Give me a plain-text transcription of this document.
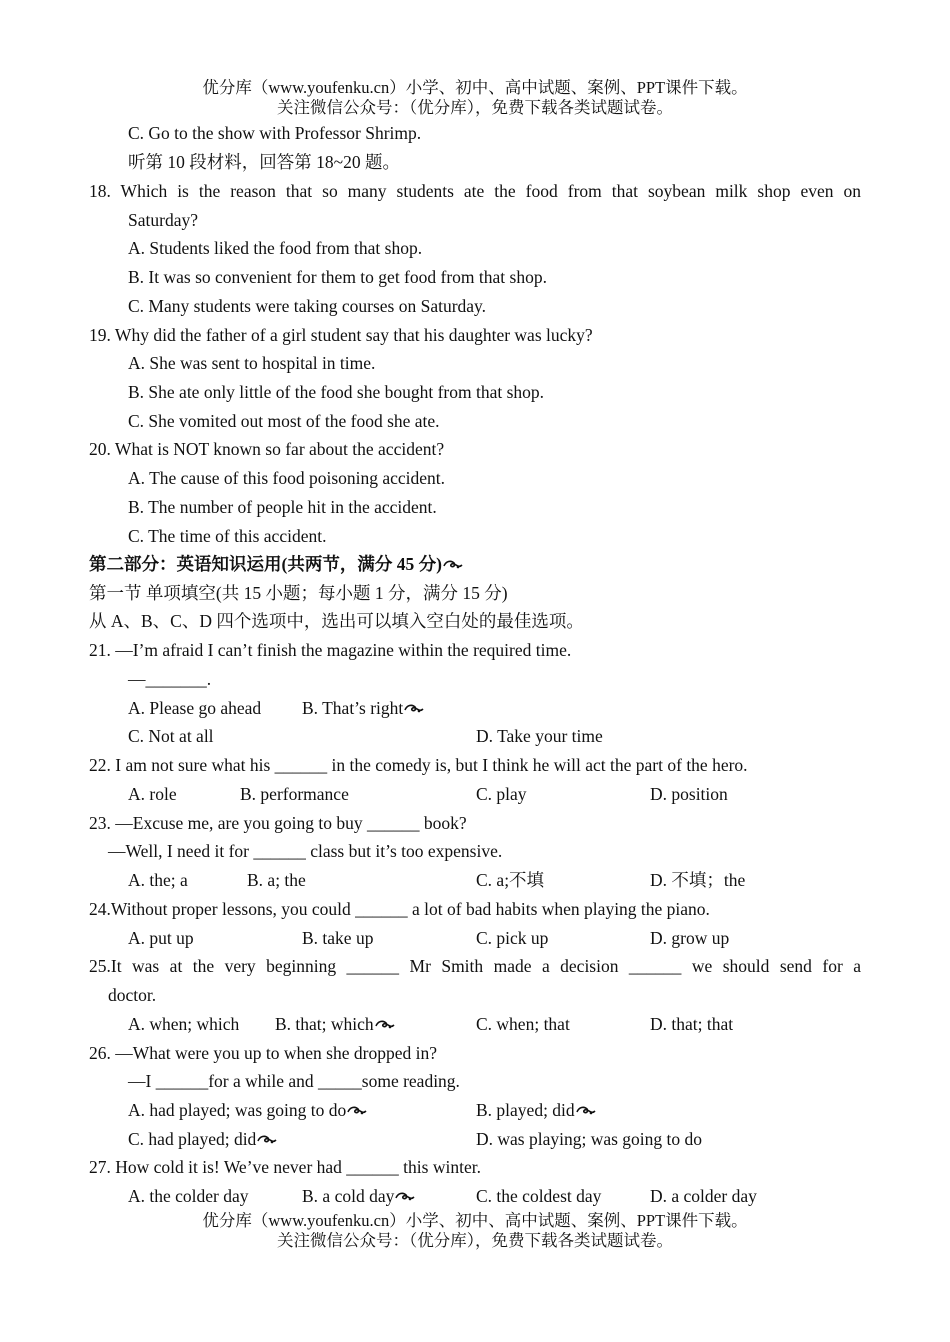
优分库（www.youfenku.cn）小学、初中、高中试题、案例、PPT课件下载。
关注微信公众号：（优分库），免费下载各类试题试卷。
C. Go to the show with Professor Shrimp.
听第 10 段材料，回答第 18~20 题。
18. Which is the reason that so many students ate the food from that soybean milk shop even on
Saturday?
A. Students liked the food from that shop.
B. It was so convenient for them to get food from that shop.
C. Many students were taking courses on Saturday.
19. Why did the father of a girl student say that his daughter was lucky?
A. She was sent to hospital in time.
B. She ate only little of the food she bought from that shop.
C. She vomited out most of the food she ate.
20. What is NOT known so far about the accident?
A. The cause of this food poisoning accident.
B. The number of people hit in the accident.
C. The time of this accident.
第二部分：英语知识运用(共两节，满分 45 分)
第一节 单项填空(共 15 小题；每小题 1 分，满分 15 分)
从 A、B、C、D 四个选项中，选出可以填入空白处的最佳选项。
21. —I’m afraid I can’t finish the magazine within the required time.
—_______.
A. Please go ahead B. That’s right
C. Not at all	D. Take your time
22. I am not sure what his ______ in the comedy is, but I think he will act the part of the hero.
A. role	B. performance	C. play	D. position
23. —Excuse me, are you going to buy ______ book?
—Well, I need it for ______ class but it’s too expensive.
A. the; a	B. a; the	C. a;不填	D. 不填；the
24.Without proper lessons, you could ______ a lot of bad habits when playing the piano.
A. put up	B. take up	C. pick up	D. grow up
25.It was at the very beginning ______ Mr Smith made a decision ______ we should send for a
doctor.
A. when; which B. that; which	C. when; that	D. that; that
26. —What were you up to when she dropped in?
—I ______for a while and _____some reading.
A. had played; was going to do	B. played; did
C. had played; did	D. was playing; was going to do
27. How cold it is! We’ve never had ______ this winter.
A. the colder day	B. a cold day	C. the coldest day	D. a colder day
优分库（www.youfenku.cn）小学、初中、高中试题、案例、PPT课件下载。
关注微信公众号：（优分库），免费下载各类试题试卷。
